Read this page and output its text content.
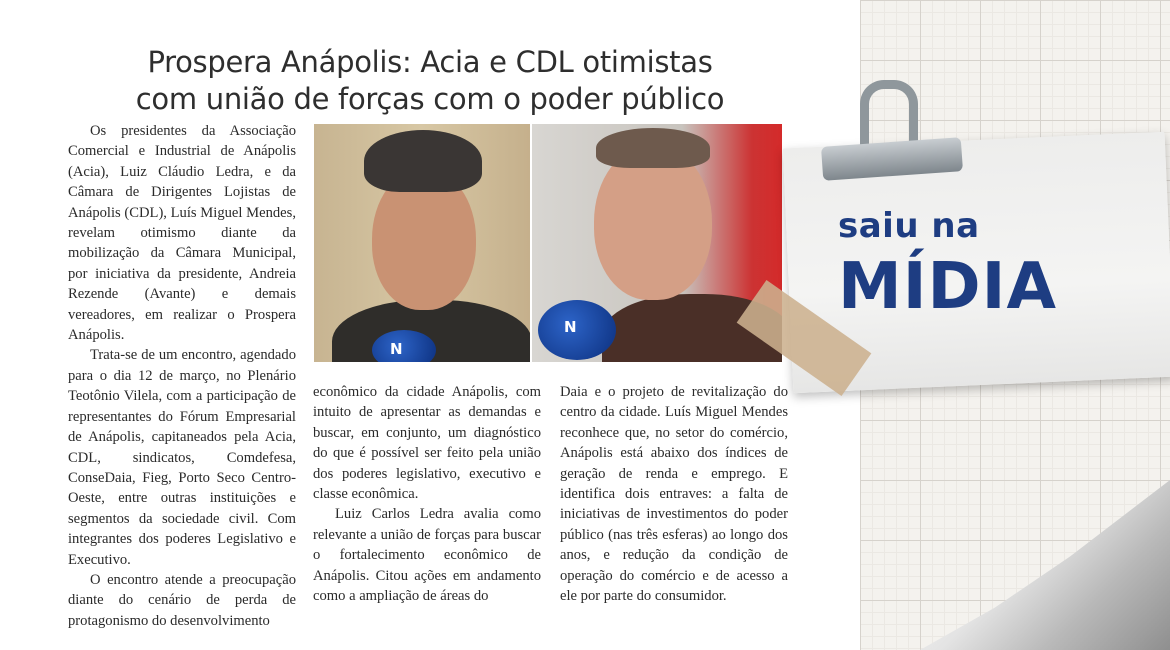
Prospera Anápolis: Acia e CDL otimistas
com união de forças com o poder público

Os presidentes da Associação Comercial e Industrial de Anápolis (Acia), Luiz Cláudio Ledra, e da Câmara de Dirigentes Lojistas de Anápolis (CDL), Luís Miguel Mendes, revelam otimismo diante da mobilização da Câmara Municipal, por iniciativa da presidente, Andreia Rezende (Avante) e demais vereadores, em realizar o Prospera Anápolis.

Trata-se de um encontro, agendado para o dia 12 de março, no Plenário Teotônio Vilela, com a participação de representantes do Fórum Empresarial de Anápolis, capitaneados pela Acia, CDL, sindicatos, Comdefesa, ConseDaia, Fieg, Porto Seco Centro-Oeste, entre outras instituições e segmentos da sociedade civil. Com integrantes dos poderes Legislativo e Executivo.

O encontro atende a preocupação diante do cenário de perda de protagonismo do desenvolvimento

N
N

econômico da cidade Anápolis, com intuito de apresentar as demandas e buscar, em conjunto, um diagnóstico do que é possível ser feito pela união dos poderes legislativo, executivo e classe econômica.

Luiz Carlos Ledra avalia como relevante a união de forças para buscar o fortalecimento econômico de Anápolis. Citou ações em andamento como a ampliação de áreas do

Daia e o projeto de revitalização do centro da cidade. Luís Miguel Mendes reconhece que, no setor do comércio, Anápolis está abaixo dos índices de geração de renda e emprego. E identifica dois entraves: a falta de iniciativas de investimentos do poder público (nas três esferas) ao longo dos anos, e redução da condição de operação do comércio e de acesso a ele por parte do consumidor.

saiu na
MÍDIA
